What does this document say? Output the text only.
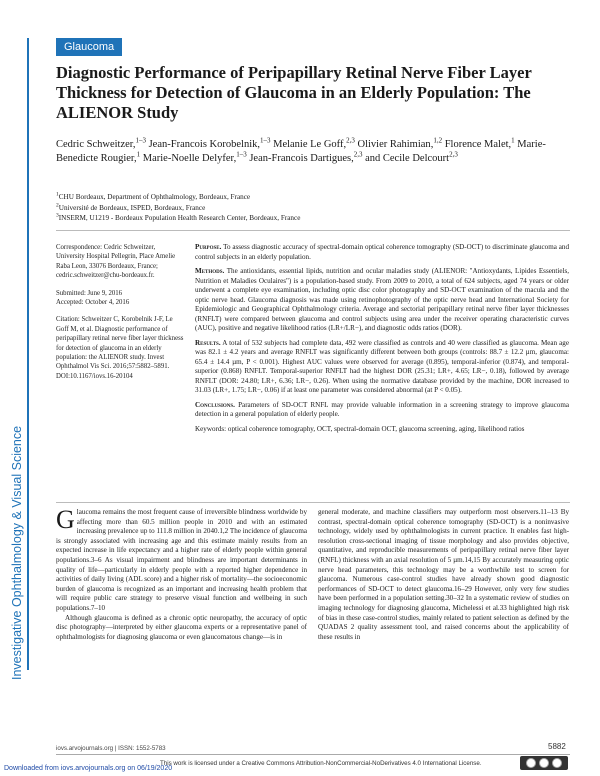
Investigative Ophthalmology & Visual Science
Glaucoma
Diagnostic Performance of Peripapillary Retinal Nerve Fiber Layer Thickness for Detection of Glaucoma in an Elderly Population: The ALIENOR Study
Cedric Schweitzer,$^{1-3}$ Jean-Francois Korobelnik,$^{1-3}$ Melanie Le Goff,$^{2,3}$ Olivier Rahimian,$^{1,2}$ Florence Malet,$^1$ Marie-Benedicte Rougier,$^1$ Marie-Noelle Delyfer,$^{1-3}$ Jean-Francois Dartigues,$^{2,3}$ and Cecile Delcourt$^{2,3}$
$^1$CHU Bordeaux, Department of Ophthalmology, Bordeaux, France
$^2$Université de Bordeaux, ISPED, Bordeaux, France
$^3$INSERM, U1219 - Bordeaux Population Health Research Center, Bordeaux, France

Correspondence: Cedric Schweitzer, University Hospital Pellegrin, Place Amelie Raba Leon, 33076 Bordeaux, France; cedric.schweitzer@chu-bordeaux.fr.

Submitted: June 9, 2016
Accepted: October 4, 2016

Citation: Schweitzer C, Korobelnik J-F, Le Goff M, et al. Diagnostic performance of peripapillary retinal nerve fiber layer thickness for detection of glaucoma in an elderly population: the ALIENOR study. Invest Ophthalmol Vis Sci. 2016;57:5882–5891. DOI:10.1167/iovs.16-20104

Purpose. To assess diagnostic accuracy of spectral-domain optical coherence tomography (SD-OCT) to discriminate glaucoma and control subjects in an elderly population.

Methods. The antioxidants, essential lipids, nutrition and ocular maladies study (ALIENOR: "Antioxydants, Lipides Essentiels, Nutrition et Maladies Oculaires") is a population-based study. From 2009 to 2010, a total of 624 subjects, aged 74 years or older underwent a complete eye examination, including optic disc color photography and SD-OCT examination of the macula and the optic nerve head. Glaucoma diagnosis was made using retinophotography of the optic nerve head and International Society for Epidemiologic and Geographical Ophthalmology criteria. Average and sectorial peripapillary retinal nerve fiber layer thicknesses (RNFLT) were compared between glaucoma and control subjects using area under the receiver operating characteristic curves (AUC), positive and negative likelihood ratios (LR+/LR−), and diagnostic odds ratios (DOR).

Results. A total of 532 subjects had complete data, 492 were classified as controls and 40 were classified as glaucoma. Mean age was 82.1 ± 4.2 years and average RNFLT was significantly different between both groups (controls: 88.7 ± 12.2 µm, glaucoma: 65.4 ± 14.4 µm, P < 0.001). Highest AUC values were observed for average (0.895), temporal-inferior (0.874), and temporal-superior (0.868) RNFLT. Temporal-superior RNFLT had the highest DOR (25.31; LR+, 4.65; LR−, 0.18), followed by average RNFLT (DOR: 24.80; LR+, 6.36; LR−, 0.26). When using the normative database provided by the machine, DOR increased to 31.03 (LR+, 1.75; LR−, 0.06) if at least one parameter was considered abnormal (at P < 0.05).

Conclusions. Parameters of SD-OCT RNFL may provide valuable information in a screening strategy to improve glaucoma detection in a general population of elderly people.

Keywords: optical coherence tomography, OCT, spectral-domain OCT, glaucoma screening, aging, likelihood ratios

Glaucoma remains the most frequent cause of irreversible blindness worldwide by affecting more than 60.5 million people in 2010 and with an estimated increasing prevalence up to 111.8 million in 2040.1,2 The incidence of glaucoma is strongly associated with increasing age and this estimate mainly results from an expected increase in life expectancy and a higher rate of elderly people within general populations.3–6 As visual impairment and blindness are important determinants in quality of life—particularly in elderly people with a reported higher dependence in activities of daily living (ADL score) and a higher risk of mortality—the socioeconomic burden of glaucoma is recognized as an important and increasing health problem that will require public care strategy to preserve visual function and wellbeing in such populations.7–10

Although glaucoma is defined as a chronic optic neuropathy, the accuracy of optic disc photography—interpreted by either glaucoma experts or a representative panel of ophthalmologists for diagnosing glaucoma or even glaucomatous change—is in

general moderate, and machine classifiers may outperform most observers.11–13 By contrast, spectral-domain optical coherence tomography (SD-OCT) is a noninvasive technology, widely used by ophthalmologists in current practice. It enables fast high-resolution cross-sectional imaging of tissue morphology and also provides objective, quantitative, and reproducible measurements of peripapillary retinal nerve fiber layer (RNFL) thickness with an axial resolution of 5 µm.14,15 By accurately measuring optic nerve head parameters, this technology may be a worthwhile test to screen for glaucoma. Numerous case-control studies have already shown good diagnostic performances of SD-OCT to detect glaucoma.16–29 However, only very few studies have been performed in a population setting.30–32 In a systematic review of studies on imaging technology for diagnosing glaucoma, Michelessi et al.33 highlighted high risk of bias in these case-control studies, mainly related to patient selection as defined by the QUADAS 2 quality assessment tool, and raised concerns about the applicability of these results in

iovs.arvojournals.org | ISSN: 1552-5783	5882
This work is licensed under a Creative Commons Attribution-NonCommercial-NoDerivatives 4.0 International License.
Downloaded from iovs.arvojournals.org on 06/19/2020
